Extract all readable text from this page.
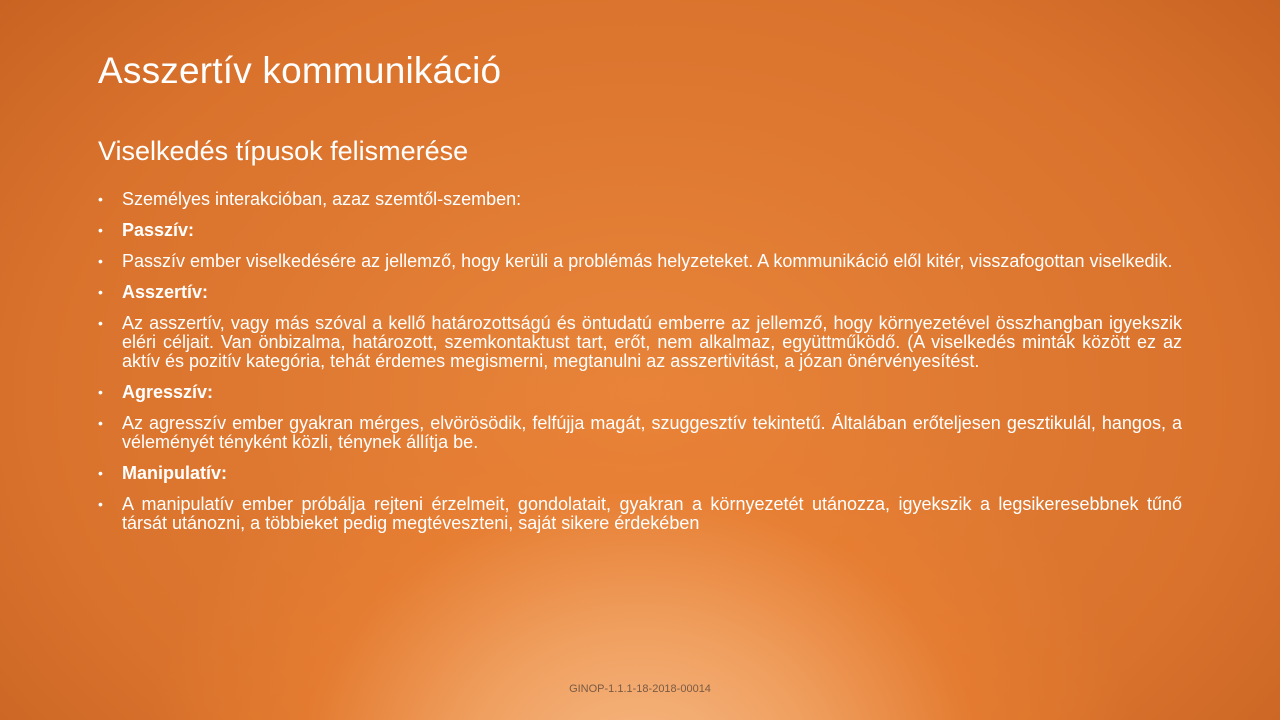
Asszertív kommunikáció
Viselkedés típusok felismerése
• Személyes interakcióban, azaz szemtől-szemben:
• Passzív:
• Passzív ember viselkedésére az jellemző, hogy kerüli a problémás helyzeteket. A kommunikáció elől kitér, visszafogottan viselkedik.
• Asszertív:
• Az asszertív, vagy más szóval a kellő határozottságú és öntudatú emberre az jellemző, hogy környezetével összhangban igyekszik eléri céljait. Van önbizalma, határozott, szemkontaktust tart, erőt, nem alkalmaz, együttműködő. (A viselkedés minták között ez az aktív és pozitív kategória, tehát érdemes megismerni, megtanulni az asszertivitást, a józan önérvényesítést.
• Agresszív:
• Az agresszív ember gyakran mérges, elvörösödik, felfújja magát, szuggesztív tekintetű. Általában erőteljesen gesztikulál, hangos, a véleményét tényként közli, ténynek állítja be.
• Manipulatív:
• A manipulatív ember próbálja rejteni érzelmeit, gondolatait, gyakran a környezetét utánozza, igyekszik a legsikeresebbnek tűnő társát utánozni, a többieket pedig megtéveszteni, saját sikere érdekében
GINOP-1.1.1-18-2018-00014
